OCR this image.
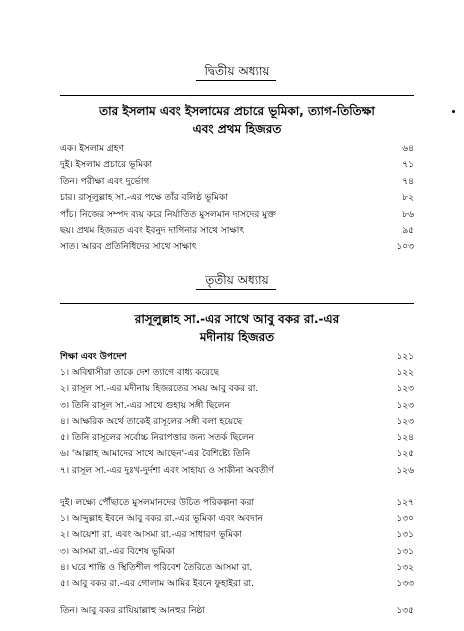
দ্বিতীয় অধ্যায়
তার ইসলাম এবং ইসলামের প্রচারে ভূমিকা, ত্যাগ-তিতিক্ষা
এবং প্রথম হিজরত
এক। ইসলাম গ্রহণ	৬৪
দুই। ইসলাম প্রচারে ভূমিকা	৭১
তিন। পরীক্ষা এবং দুর্ভোগ	৭৪
চার। রাসূলুল্লাহ সা.-এর পক্ষে তাঁর বলিষ্ঠ ভূমিকা	৮২
পাঁচ। নিজের সম্পদ ব্যয় করে নির্যাতিত মুসলমান দাসদের মুক্ত	৮৬
ছয়। প্রথম হিজরত এবং ইবনুদ দাগিনার সাথে সাক্ষাৎ	৯৫
সাত। আরব প্রতিনিধিদের সাথে সাক্ষাৎ	১০৩
তৃতীয় অধ্যায়
রাসূলুল্লাহ সা.-এর সাথে আবু বকর রা.-এর
মদীনায় হিজরত
শিক্ষা এবং উপদেশ	১২১
১। অবিশ্বাসীরা তাকে দেশ ত্যাগে বাধ্য করেছে	১২২
২। রাসূল সা.-এর মদীনায় হিজরতের সময় আবু বকর রা.	১২৩
৩। তিনি রাসূল সা.-এর সাথে গুহায় সঙ্গী ছিলেন	১২৩
৪। আক্ষরিক অর্থে তাকেই রাসূলের সঙ্গী বলা হয়েছে	১২৩
৫। তিনি রাসূলের সর্বোচ্চ নিরাপত্তার জন্য সতর্ক ছিলেন	১২৪
৬। 'আল্লাহ আমাদের সাথে আছেন'-এর বৈশিষ্ট্যে তিনি	১২৫
৭। রাসূল সা.-এর দুঃখ-দুর্দশা এবং সাহায্য ও সাকীনা অবতীর্ণ	১২৬
দুই। লক্ষ্যে পৌঁছাতে মুসলমানদের উচিত পরিকল্পনা করা	১২৭
১। আব্দুল্লাহ ইবনে আবু বকর রা.-এর ভূমিকা এবং অবদান	১৩০
২। আয়েশা রা. এবং আসমা রা.-এর সাধারণ ভূমিকা	১৩১
৩। আসমা রা.-এর বিশেষ ভূমিকা	১৩১
৪। ঘরে শান্তি ও স্থিতিশীল পরিবেশ তৈরিতে আসমা রা.	১৩২
৫। আবু বকর রা.-এর গোলাম আমির ইবনে ফুহাইরা রা.	১৩৩
তিন। আবু বকর রাযিয়াল্লাহু আনহুর নিষ্ঠা	১৩৫
